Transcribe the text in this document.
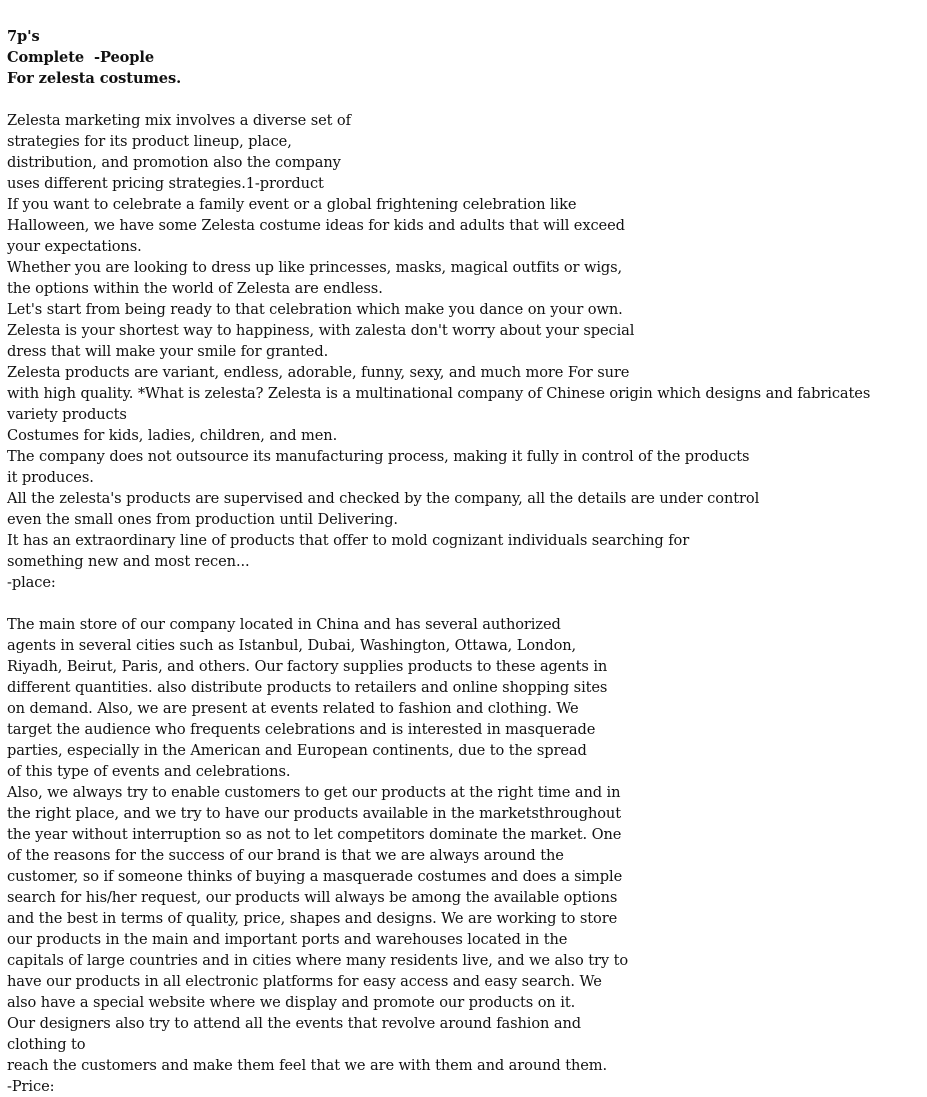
7p's
Complete  -People
For zelesta costumes.
Zelesta marketing mix involves a diverse set of
strategies for its product lineup, place,
distribution, and promotion also the company
uses different pricing strategies.1-prorduct
If you want to celebrate a family event or a global frightening celebration like
Halloween, we have some Zelesta costume ideas for kids and adults that will exceed
your expectations.
Whether you are looking to dress up like princesses, masks, magical outfits or wigs,
the options within the world of Zelesta are endless.
Let's start from being ready to that celebration which make you dance on your own.
Zelesta is your shortest way to happiness, with zalesta don't worry about your special
dress that will make your smile for granted.
Zelesta products are variant, endless, adorable, funny, sexy, and much more For sure
with high quality. *What is zelesta? Zelesta is a multinational company of Chinese origin which designs and fabricates
variety products
Costumes for kids, ladies, children, and men.
The company does not outsource its manufacturing process, making it fully in control of the products
it produces.
All the zelesta's products are supervised and checked by the company, all the details are under control
even the small ones from production until Delivering.
It has an extraordinary line of products that offer to mold cognizant individuals searching for
something new and most recen...
-place:
The main store of our company located in China and has several authorized
agents in several cities such as Istanbul, Dubai, Washington, Ottawa, London,
Riyadh, Beirut, Paris, and others. Our factory supplies products to these agents in
different quantities. also distribute products to retailers and online shopping sites
on demand. Also, we are present at events related to fashion and clothing. We
target the audience who frequents celebrations and is interested in masquerade
parties, especially in the American and European continents, due to the spread
of this type of events and celebrations.
Also, we always try to enable customers to get our products at the right time and in
the right place, and we try to have our products available in the marketsthroughout
the year without interruption so as not to let competitors dominate the market. One
of the reasons for the success of our brand is that we are always around the
customer, so if someone thinks of buying a masquerade costumes and does a simple
search for his/her request, our products will always be among the available options
and the best in terms of quality, price, shapes and designs. We are working to store
our products in the main and important ports and warehouses located in the
capitals of large countries and in cities where many residents live, and we also try to
have our products in all electronic platforms for easy access and easy search. We
also have a special website where we display and promote our products on it.
Our designers also try to attend all the events that revolve around fashion and
clothing to
reach the customers and make them feel that we are with them and around them.
-Price:
